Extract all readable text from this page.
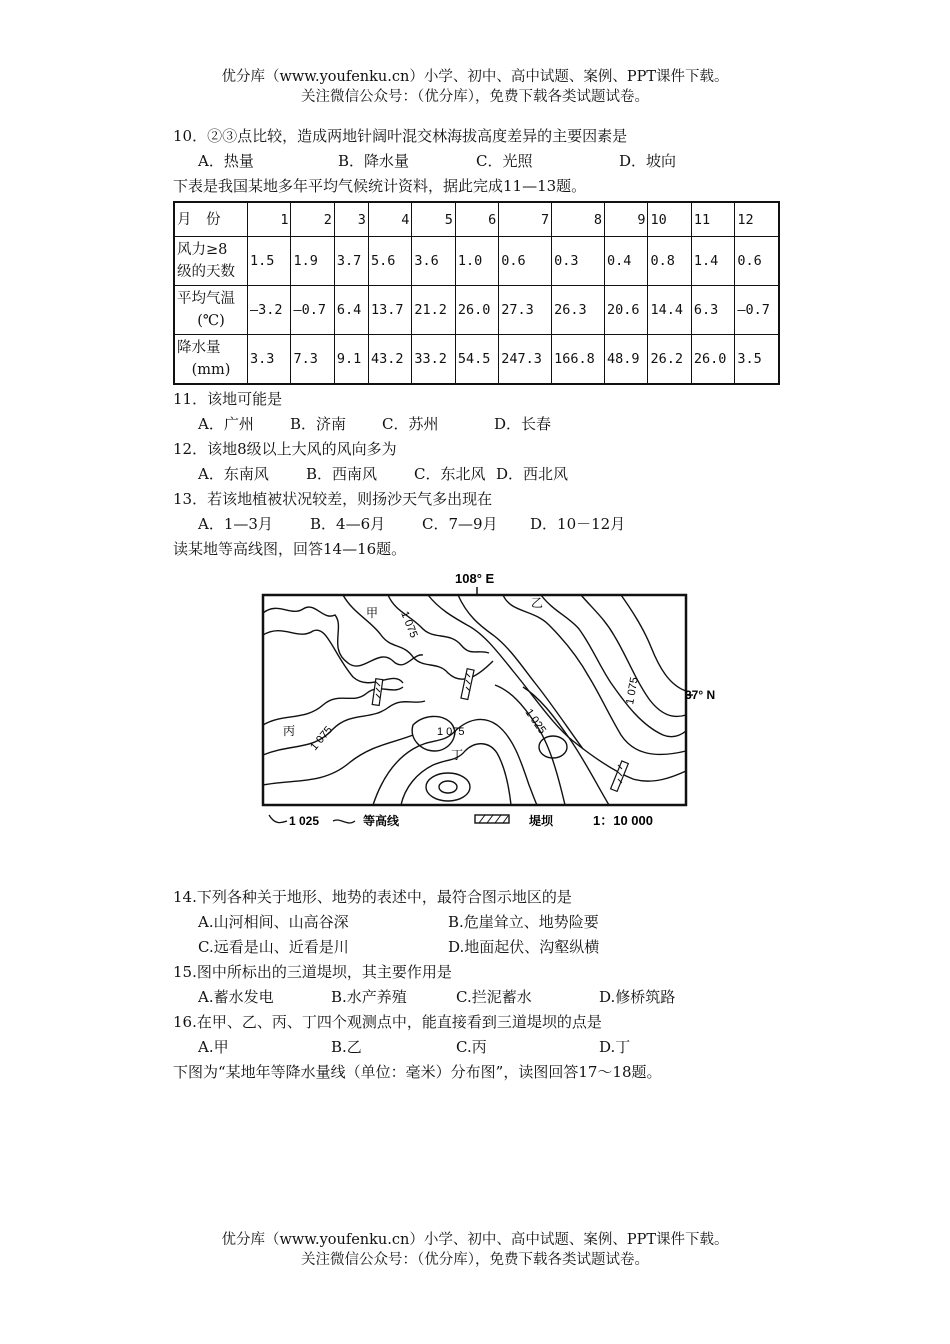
优分库（www.youfenku.cn）小学、初中、高中试题、案例、PPT课件下载。
关注微信公众号：（优分库），免费下载各类试题试卷。
10．②③点比较，造成两地针阔叶混交林海拔高度差异的主要因素是
A．热量	B．降水量	C．光照	D．坡向
下表是我国某地多年平均气候统计资料，据此完成11—13题。
月　份	1	2	3	4	5	6	7	8	9	10	11	12

风力≥8
级的天数	1.5	1.9	3.7	5.6	3.6	1.0	0.6	0.3	0.4	0.8	1.4	0.6

平均气温
(℃)	—3.2	—0.7	6.4	13.7	21.2	26.0	27.3	26.3	20.6	14.4	6.3	—0.7

降水量
(mm)	3.3	7.3	9.1	43.2	33.2	54.5	247.3	166.8	48.9	26.2	26.0	3.5
11．该地可能是
A．广州 B．济南 C．苏州	D．长春
12．该地8级以上大风的风向多为
A．东南风 B．西南风 C．东北风 D．西北风
13．若该地植被状况较差，则扬沙天气多出现在
A．1—3月 B．4—6月 C．7—9月 D．10－12月
读某地等高线图，回答14—16题。
108° E
37° N
甲
乙
丙
丁
1 075
1 075
1 075	1 075	1 025
1 025	等高线	堤坝	1：10 000
14.下列各种关于地形、地势的表述中，最符合图示地区的是
A.山河相间、山高谷深	B.危崖耸立、地势险要
C.远看是山、近看是川	D.地面起伏、沟壑纵横
15.图中所标出的三道堤坝，其主要作用是
A.蓄水发电	B.水产养殖	C.拦泥蓄水	D.修桥筑路
16.在甲、乙、丙、丁四个观测点中，能直接看到三道堤坝的点是
A.甲	B.乙	C.丙	D.丁
下图为“某地年等降水量线（单位：毫米）分布图”，读图回答17～18题。
优分库（www.youfenku.cn）小学、初中、高中试题、案例、PPT课件下载。
关注微信公众号：（优分库），免费下载各类试题试卷。
